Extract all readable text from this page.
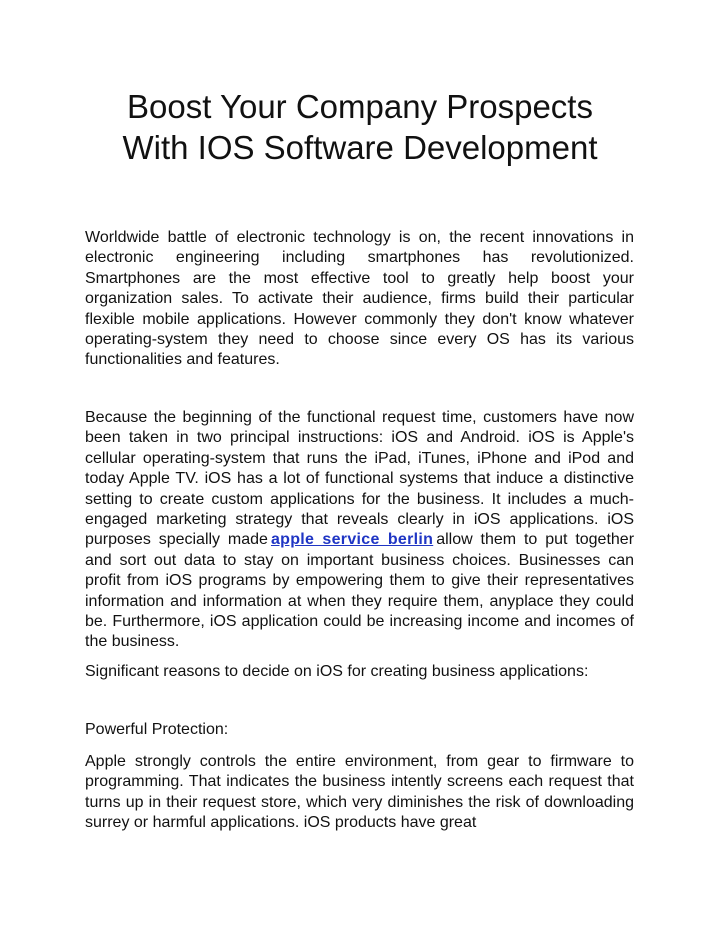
Boost Your Company Prospects
With IOS Software Development

Worldwide battle of electronic technology is on, the recent innovations in electronic engineering including smartphones has revolutionized. Smartphones are the most effective tool to greatly help boost your organization sales. To activate their audience, firms build their particular flexible mobile applications. However commonly they don't know whatever operating-system they need to choose since every OS has its various functionalities and features.

Because the beginning of the functional request time, customers have now been taken in two principal instructions: iOS and Android. iOS is Apple's cellular operating-system that runs the iPad, iTunes, iPhone and iPod and today Apple TV. iOS has a lot of functional systems that induce a distinctive setting to create custom applications for the business. It includes a much-engaged marketing strategy that reveals clearly in iOS applications. iOS purposes specially made apple service berlin allow them to put together and sort out data to stay on important business choices. Businesses can profit from iOS programs by empowering them to give their representatives information and information at when they require them, anyplace they could be. Furthermore, iOS application could be increasing income and incomes of the business.

Significant reasons to decide on iOS for creating business applications:

Powerful Protection:

Apple strongly controls the entire environment, from gear to firmware to programming. That indicates the business intently screens each request that turns up in their request store, which very diminishes the risk of downloading surrey or harmful applications. iOS products have great
